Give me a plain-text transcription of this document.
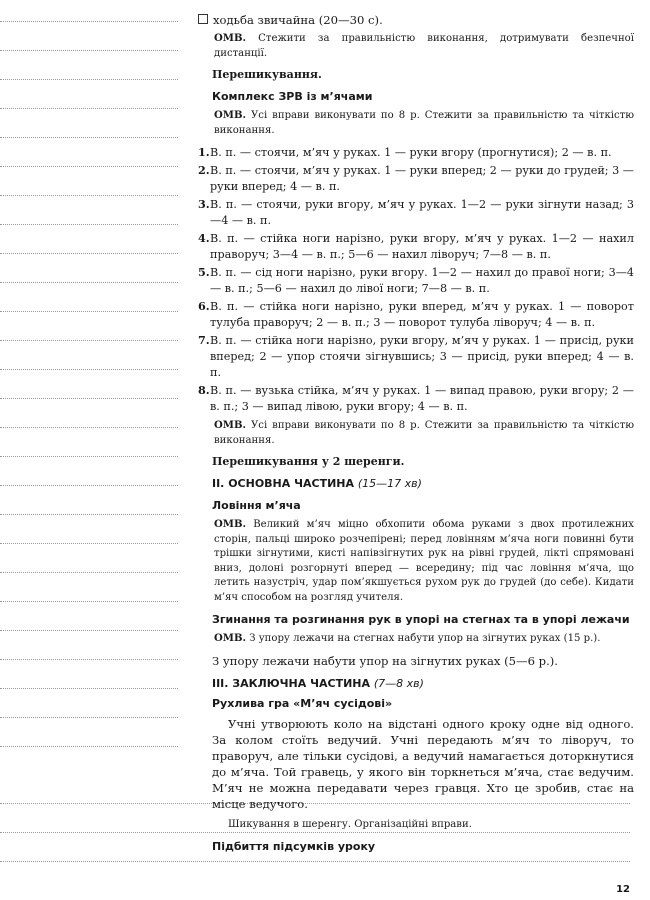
ходьба звичайна (20—30 с).
ОМВ. Стежити за правильністю виконання, дотримувати безпечної дистанції.
Перешикування.
Комплекс ЗРВ із м’ячами
ОМВ. Усі вправи виконувати по 8 р. Стежити за правильністю та чіткістю виконання.
1.В. п. — стоячи, м’яч у руках. 1 — руки вгору (прогнутися); 2 — в. п.
2.В. п. — стоячи, м’яч у руках. 1 — руки вперед; 2 — руки до грудей; 3 — руки вперед; 4 — в. п.
3.В. п. — стоячи, руки вгору, м’яч у руках. 1—2 — руки зігнути назад; 3—4 — в. п.
4.В. п. — стійка ноги нарізно, руки вгору, м’яч у руках. 1—2 — нахил праворуч; 3—4 — в. п.; 5—6 — нахил ліворуч; 7—8 — в. п.
5.В. п. — сід ноги нарізно, руки вгору. 1—2 — нахил до правої ноги; 3—4 — в. п.; 5—6 — нахил до лівої ноги; 7—8 — в. п.
6.В. п. — стійка ноги нарізно, руки вперед, м’яч у руках. 1 — поворот тулуба праворуч; 2 — в. п.; 3 — поворот тулуба ліворуч; 4 — в. п.
7.В. п. — стійка ноги нарізно, руки вгору, м’яч у руках. 1 — присід, руки вперед; 2 — упор стоячи зігнувшись; 3 — присід, руки вперед; 4 — в. п.
8.В. п. — вузька стійка, м’яч у руках. 1 — випад правою, руки вгору; 2 — в. п.; 3 — випад лівою, руки вгору; 4 — в. п.
ОМВ. Усі вправи виконувати по 8 р. Стежити за правильністю та чіткістю виконання.
Перешикування у 2 шеренги.
ІІ. ОСНОВНА ЧАСТИНА (15—17 хв)
Ловіння м’яча
ОМВ. Великий м’яч міцно обхопити обома руками з двох протилежних сторін, пальці широко розчепірені; перед ловінням м’яча ноги повинні бути трішки зігнутими, кисті напівзігнутих рук на рівні грудей, лікті спрямовані вниз, долоні розгорнуті вперед — всередину; під час ловіння м’яча, що летить назустріч, удар пом’якшується рухом рук до грудей (до себе). Кидати м’яч способом на розгляд учителя.
Згинання та розгинання рук в упорі на стегнах та в упорі лежачи
ОМВ. З упору лежачи на стегнах набути упор на зігнутих руках (15 р.).
З упору лежачи набути упор на зігнутих руках (5—6 р.).
ІІІ. ЗАКЛЮЧНА ЧАСТИНА (7—8 хв)
Рухлива гра «М’яч сусідові»
Учні утворюють коло на відстані одного кроку одне від одного. За колом стоїть ведучий. Учні передають м’яч то ліворуч, то праворуч, але тільки сусідові, а ведучий намагається доторкнутися до м’яча. Той гравець, у якого він торкнеться м’яча, стає ведучим. М’яч не можна передавати через гравця. Хто це зробив, стає на місце ведучого.
Шикування в шеренгу. Організаційні вправи.
Підбиття підсумків уроку
12
